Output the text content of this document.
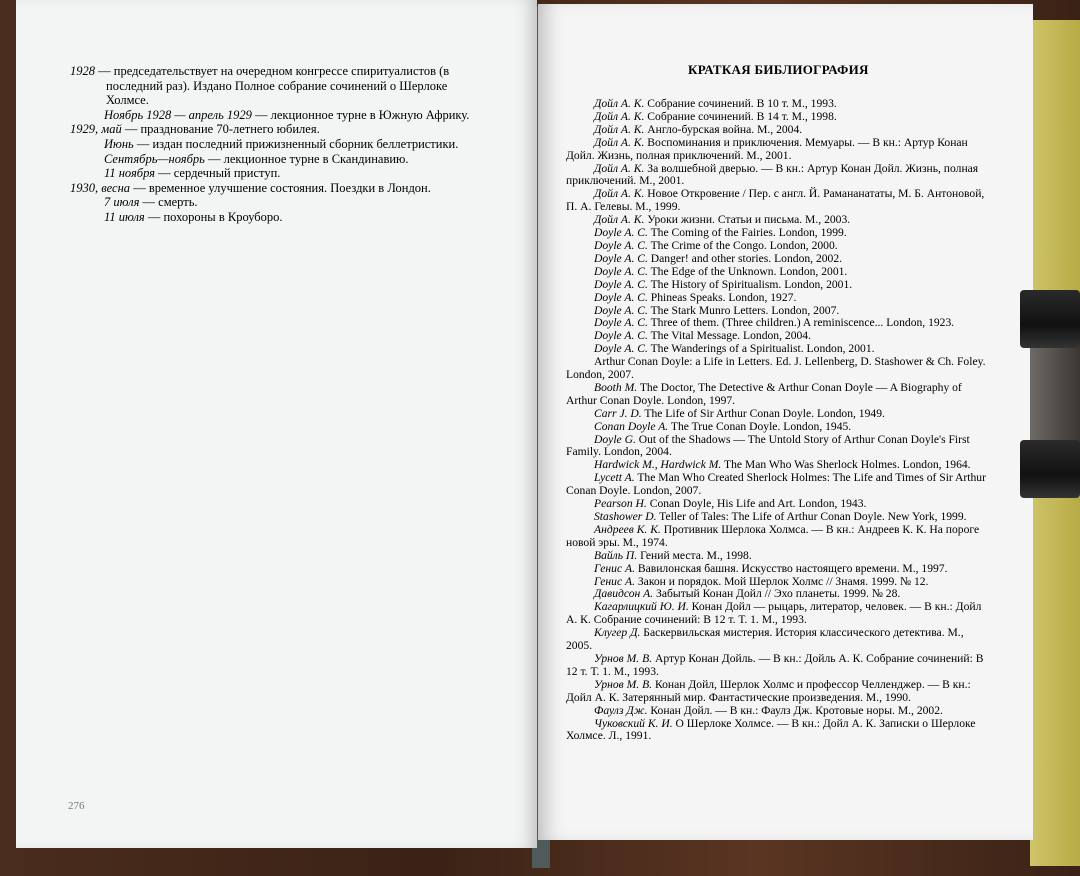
1928 — председательствует на очередном конгрессе спиритуалистов (в
последний раз). Издано Полное собрание сочинений о Шерлоке Холмсе.

Ноябрь 1928 — апрель 1929 — лекционное турне в Южную Африку.

1929, май — празднование 70-летнего юбилея.

Июнь — издан последний прижизненный сборник беллетристики.

Сентябрь—ноябрь — лекционное турне в Скандинавию.

11 ноября — сердечный приступ.

1930, весна — временное улучшение состояния. Поездки в Лондон.

7 июля — смерть.

11 июля — похороны в Кроуборо.

276
КРАТКАЯ БИБЛИОГРАФИЯ

Дойл А. К. Собрание сочинений. В 10 т. М., 1993.

Дойл А. К. Собрание сочинений. В 14 т. М., 1998.

Дойл А. К. Англо-бурская война. М., 2004.

Дойл А. К. Воспоминания и приключения. Мемуары. — В кн.: Артур Конан Дойл. Жизнь, полная приключений. М., 2001.

Дойл А. К. За волшебной дверью. — В кн.: Артур Конан Дойл. Жизнь, полная приключений. М., 2001.

Дойл А. К. Новое Откровение / Пер. с англ. Й. Рамананататы, М. Б. Антоновой, П. А. Гелевы. М., 1999.

Дойл А. К. Уроки жизни. Статьи и письма. М., 2003.

Doyle A. C. The Coming of the Fairies. London, 1999.

Doyle A. C. The Crime of the Congo. London, 2000.

Doyle A. C. Danger! and other stories. London, 2002.

Doyle A. C. The Edge of the Unknown. London, 2001.

Doyle A. C. The History of Spiritualism. London, 2001.

Doyle A. C. Phineas Speaks. London, 1927.

Doyle A. C. The Stark Munro Letters. London, 2007.

Doyle A. C. Three of them. (Three children.) A reminiscence... London, 1923.

Doyle A. C. The Vital Message. London, 2004.

Doyle A. C. The Wanderings of a Spiritualist. London, 2001.

Arthur Conan Doyle: a Life in Letters. Ed. J. Lellenberg, D. Stashower & Ch. Foley. London, 2007.

Booth M. The Doctor, The Detective & Arthur Conan Doyle — A Biography of Arthur Conan Doyle. London, 1997.

Carr J. D. The Life of Sir Arthur Conan Doyle. London, 1949.

Conan Doyle A. The True Conan Doyle. London, 1945.

Doyle G. Out of the Shadows — The Untold Story of Arthur Conan Doyle's First Family. London, 2004.

Hardwick M., Hardwick M. The Man Who Was Sherlock Holmes. London, 1964.

Lycett A. The Man Who Created Sherlock Holmes: The Life and Times of Sir Arthur Conan Doyle. London, 2007.

Pearson H. Conan Doyle, His Life and Art. London, 1943.

Stashower D. Teller of Tales: The Life of Arthur Conan Doyle. New York, 1999.

Андреев К. К. Противник Шерлока Холмса. — В кн.: Андреев К. К. На пороге новой эры. М., 1974.

Вайль П. Гений места. М., 1998.

Генис А. Вавилонская башня. Искусство настоящего времени. М., 1997.

Генис А. Закон и порядок. Мой Шерлок Холмс // Знамя. 1999. № 12.

Давидсон А. Забытый Конан Дойл // Эхо планеты. 1999. № 28.

Кагарлицкий Ю. И. Конан Дойл — рыцарь, литератор, человек. — В кн.: Дойл А. К. Собрание сочинений: В 12 т. Т. 1. М., 1993.

Клугер Д. Баскервильская мистерия. История классического детектива. М., 2005.

Урнов М. В. Артур Конан Дойль. — В кн.: Дойль А. К. Собрание сочинений: В 12 т. Т. 1. М., 1993.

Урнов М. В. Конан Дойл, Шерлок Холмс и профессор Челленджер. — В кн.: Дойл А. К. Затерянный мир. Фантастические произведения. М., 1990.

Фаулз Дж. Конан Дойл. — В кн.: Фаулз Дж. Кротовые норы. М., 2002.

Чуковский К. И. О Шерлоке Холмсе. — В кн.: Дойл А. К. Записки о Шерлоке Холмсе. Л., 1991.
